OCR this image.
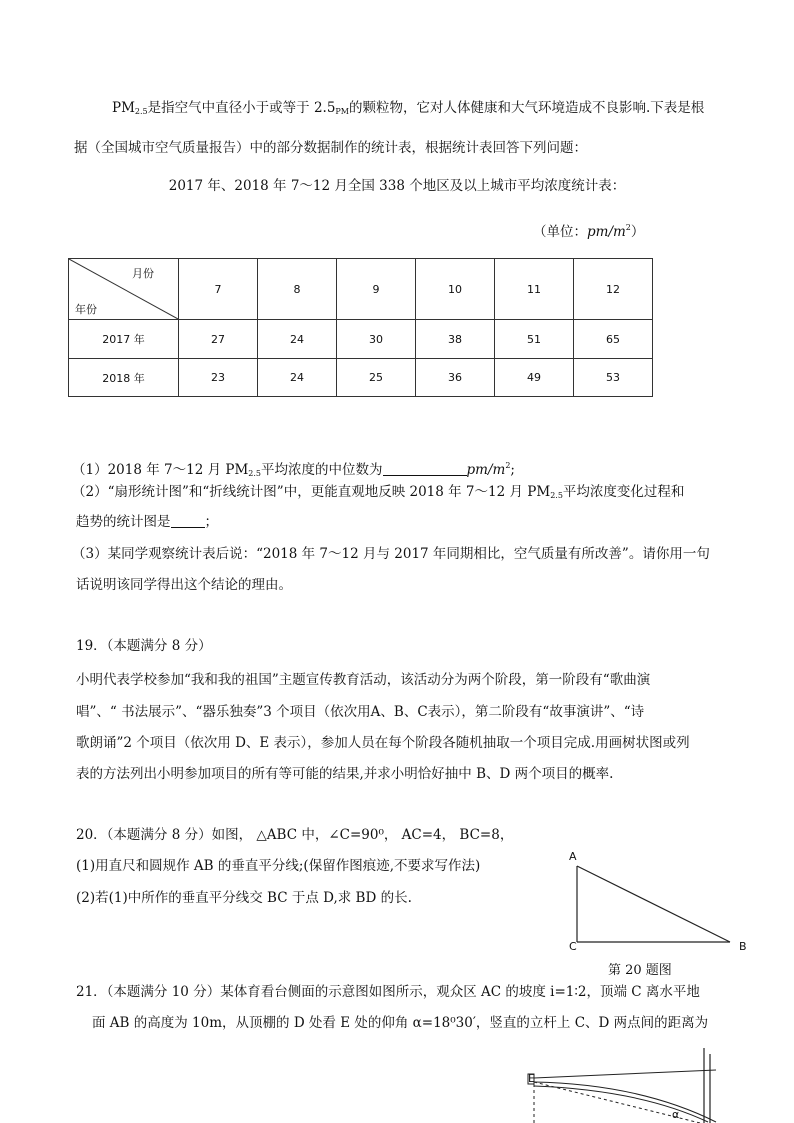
$PM_{2.5}$是指空气中直径小于或等于 $2.5_{PM}$的颗粒物，它对人体健康和大气环境造成不良影响.下表是根
据（全国城市空气质量报告）中的部分数据制作的统计表，根据统计表回答下列问题：
2017 年、2018 年 7～12 月全国 338 个地区及以上城市平均浓度统计表：
（单位：$pm/m^2$）
月份
年份	7	8	9	10	11	12
2017 年	27	24	30	38	51	65
2018 年	23	24	25	36	49	53
（1）2018 年 7～12 月 $PM_{2.5}$平均浓度的中位数为	$pm/m^2$;
（2）“扇形统计图”和“折线统计图”中，更能直观地反映 2018 年 7～12 月 $PM_{2.5}$平均浓度变化过程和
趋势的统计图是	；
（3）某同学观察统计表后说：“2018 年 7～12 月与 2017 年同期相比，空气质量有所改善”。请你用一句
话说明该同学得出这个结论的理由。
19．（本题满分 8 分）
小明代表学校参加“我和我的祖国”主题宣传教育活动，该活动分为两个阶段，第一阶段有“歌曲演
唱”、“ 书法展示”、“器乐独奏”3 个项目（依次用A、B、C表示），第二阶段有“故事演讲”、“诗
歌朗诵”2 个项目（依次用 D、E 表示），参加人员在每个阶段各随机抽取一个项目完成.用画树状图或列
表的方法列出小明参加项目的所有等可能的结果,并求小明恰好抽中 B、D 两个项目的概率.
20．（本题满分 8 分）如图， △ABC 中，∠C=90⁰， AC=4， BC=8，
(1)用直尺和圆规作 AB 的垂直平分线;(保留作图痕迹,不要求写作法)
(2)若(1)中所作的垂直平分线交 BC 于点 D,求 BD 的长.
A
C	B
第 20 题图
21．（本题满分 10 分）某体育看台侧面的示意图如图所示，观众区 AC 的坡度 i=1∶2，顶端 C 离水平地
面 AB 的高度为 10m，从顶棚的 D 处看 E 处的仰角 α=18⁰30′，竖直的立杆上 C、D 两点间的距离为
E
α
